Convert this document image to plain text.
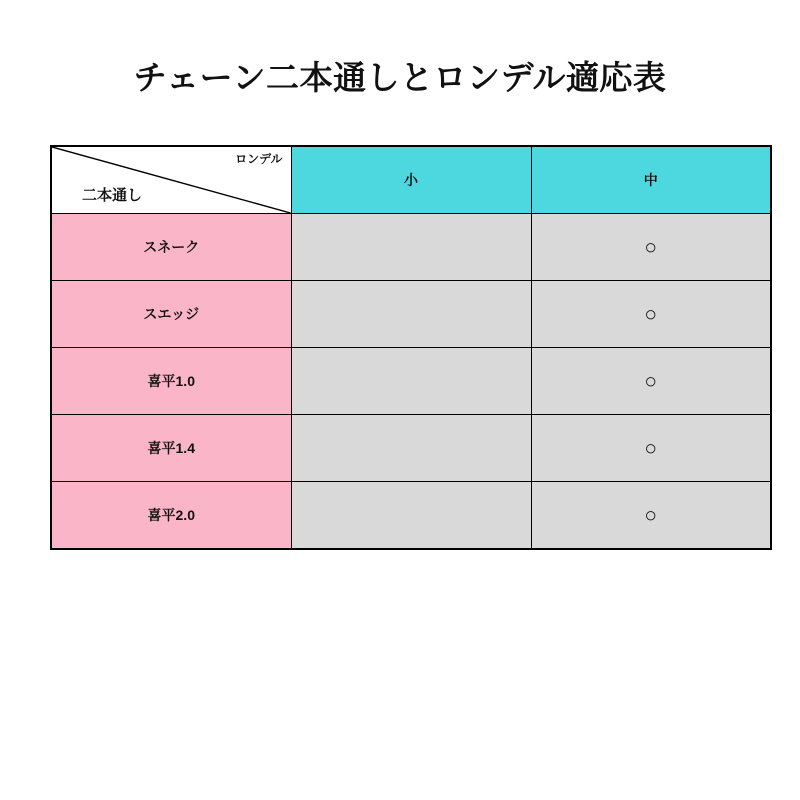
チェーン二本通しとロンデル適応表
ロンデル
二本通し	小	中
スネーク		○
スエッジ		○
喜平1.0		○
喜平1.4		○
喜平2.0		○
